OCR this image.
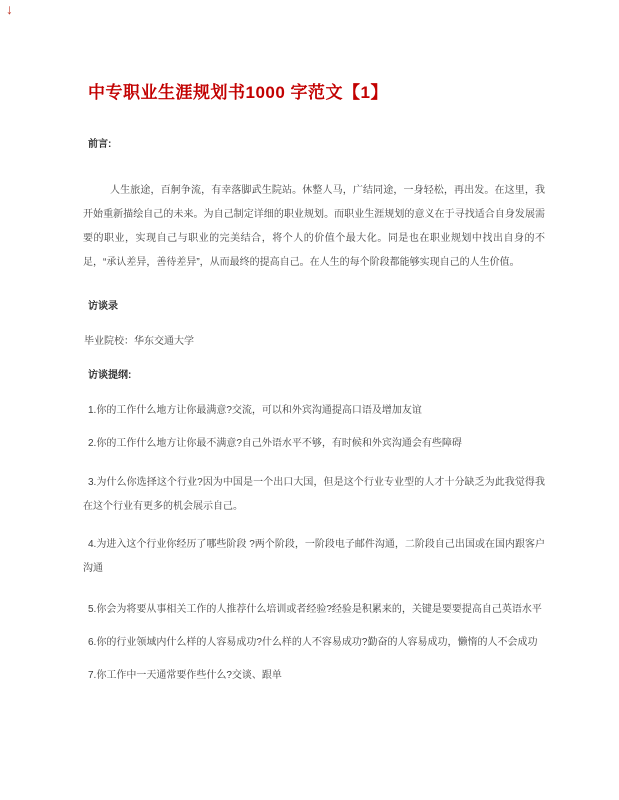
↓
中专职业生涯规划书1000 字范文【1】

前言:

人生旅途，百舸争流，有幸落脚武生院站。休整人马，广结同途，一身轻松，再出发。在这里，我开始重新描绘自己的未来。为自己制定详细的职业规划。而职业生涯规划的意义在于寻找适合自身发展需要的职业，实现自己与职业的完美结合，将个人的价值个最大化。同是也在职业规划中找出自身的不足，“承认差异，善待差异”，从而最终的提高自己。在人生的每个阶段都能够实现自己的人生价值。

访谈录

毕业院校：华东交通大学

访谈提纲:

1.你的工作什么地方让你最满意?交流，可以和外宾沟通提高口语及增加友谊

2.你的工作什么地方让你最不满意?自己外语水平不够，有时候和外宾沟通会有些障碍

3.为什么你选择这个行业?因为中国是一个出口大国，但是这个行业专业型的人才十分缺乏为此我觉得我在这个行业有更多的机会展示自己。

4.为进入这个行业你经历了哪些阶段 ?两个阶段，一阶段电子邮件沟通，二阶段自己出国或在国内跟客户沟通

5.你会为将要从事相关工作的人推荐什么培训或者经验?经验是积累来的，关键是要要提高自己英语水平

6.你的行业领域内什么样的人容易成功?什么样的人不容易成功?勤奋的人容易成功，懒惰的人不会成功

7.你工作中一天通常要作些什么?交谈、跟单
